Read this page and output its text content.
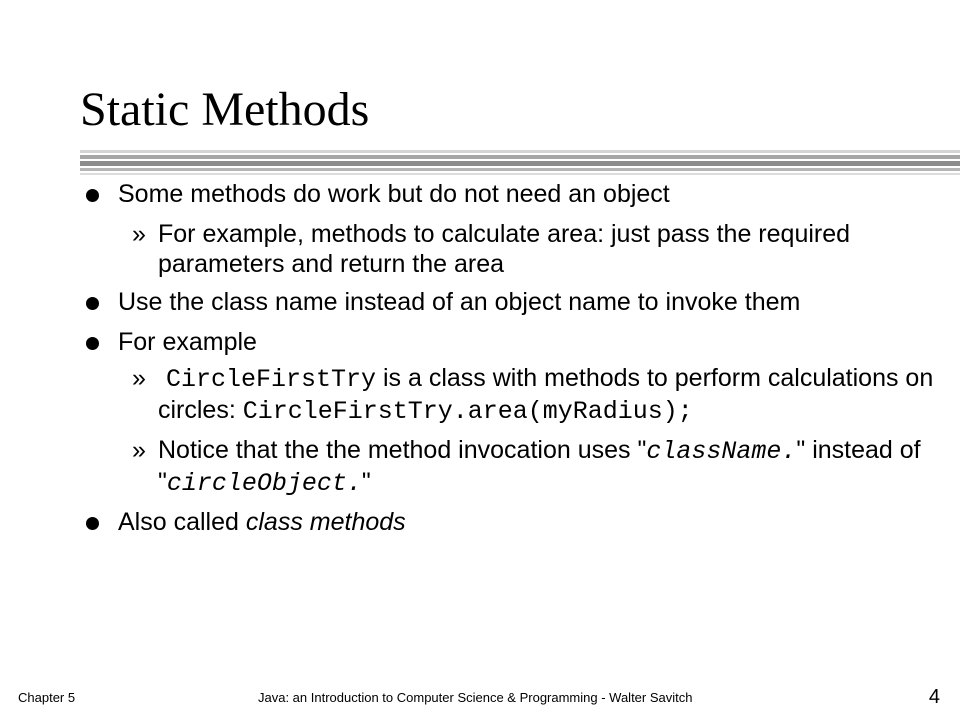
Static Methods
Some methods do work but do not need an object
» For example, methods to calculate area: just pass the required parameters and return the area
Use the class name instead of an object name to invoke them
For example
» CircleFirstTry is a class with methods to perform calculations on circles: CircleFirstTry.area(myRadius);
» Notice that the the method invocation uses "className." instead of "circleObject."
Also called class methods
Chapter 5	Java: an Introduction to Computer Science & Programming - Walter Savitch	4
